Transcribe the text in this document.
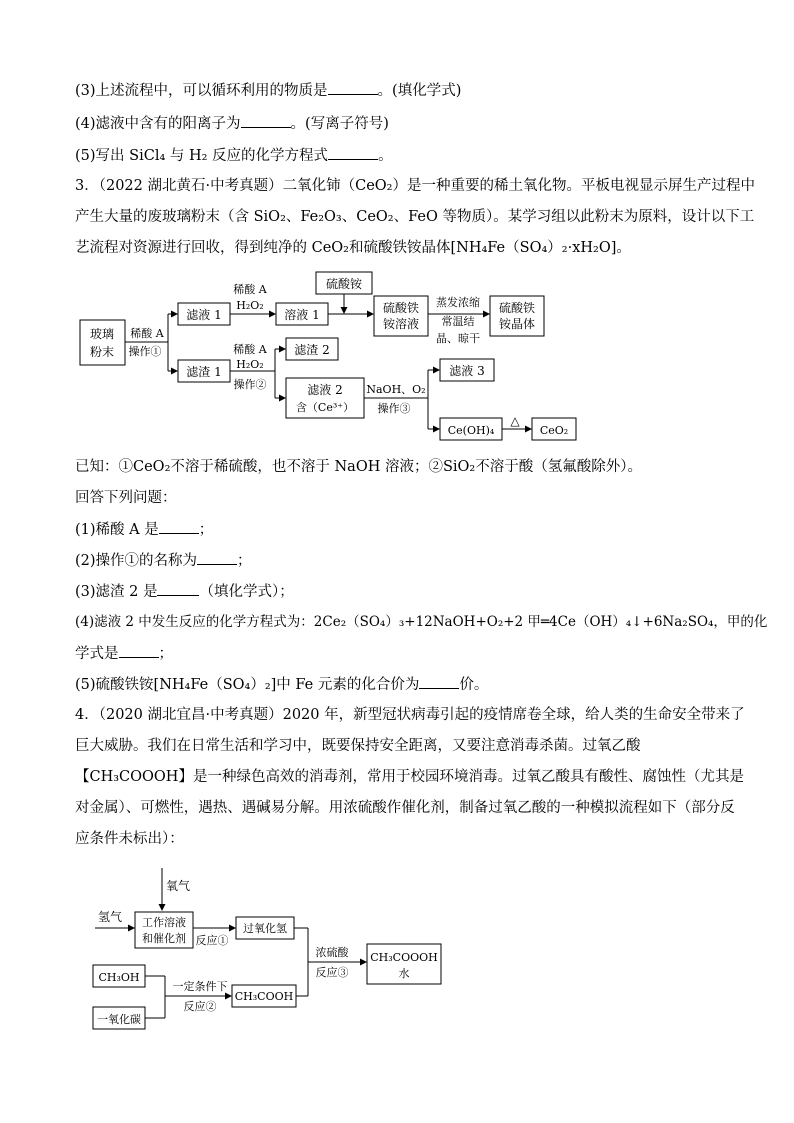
(3)上述流程中，可以循环利用的物质是	。(填化学式)
(4)滤液中含有的阳离子为	。(写离子符号)
(5)写出 SiCl₄ 与 H₂ 反应的化学方程式	。
3．（2022 湖北黄石·中考真题）二氧化铈（CeO₂）是一种重要的稀土氧化物。平板电视显示屏生产过程中
产生大量的废玻璃粉末（含 SiO₂、Fe₂O₃、CeO₂、FeO 等物质）。某学习组以此粉末为原料，设计以下工
艺流程对资源进行回收，得到纯净的 CeO₂和硫酸铁铵晶体[NH₄Fe（SO₄）₂·xH₂O]。
玻璃
粉末
滤液 1
滤渣 1
溶液 1
硫酸铵
硫酸铁
铵溶液
硫酸铁
铵晶体
滤渣 2
滤液 2
含（Ce³⁺）
滤液 3
Ce(OH)₄	CeO₂
稀酸 A
操作①
稀酸 A
H₂O₂	蒸发浓缩
常温结
晶、晾干
稀酸 A
H₂O₂
操作②	NaOH、O₂
操作③
△
已知：①CeO₂不溶于稀硫酸，也不溶于 NaOH 溶液；②SiO₂不溶于酸（氢氟酸除外）。
回答下列问题：
(1)稀酸 A 是	；
(2)操作①的名称为	；
(3)滤渣 2 是	（填化学式）；
(4)滤液 2 中发生反应的化学方程式为：2Ce₂（SO₄）₃+12NaOH+O₂+2 甲═4Ce（OH）₄↓+6Na₂SO₄，甲的化
学式是	；
(5)硫酸铁铵[NH₄Fe（SO₄）₂]中 Fe 元素的化合价为	价。
4．（2020 湖北宜昌·中考真题）2020 年，新型冠状病毒引起的疫情席卷全球，给人类的生命安全带来了
巨大威胁。我们在日常生活和学习中，既要保持安全距离，又要注意消毒杀菌。过氧乙酸
【CH₃COOOH】是一种绿色高效的消毒剂，常用于校园环境消毒。过氧乙酸具有酸性、腐蚀性（尤其是
对金属）、可燃性，遇热、遇碱易分解。用浓硫酸作催化剂，制备过氧乙酸的一种模拟流程如下（部分反
应条件未标出）：
氧气
氢气 工作溶液
和催化剂 反应①
过氧化氢
CH₃OH
一氧化碳
一定条件下
反应②
CH₃COOH
浓硫酸
反应③
CH₃COOOH
水
